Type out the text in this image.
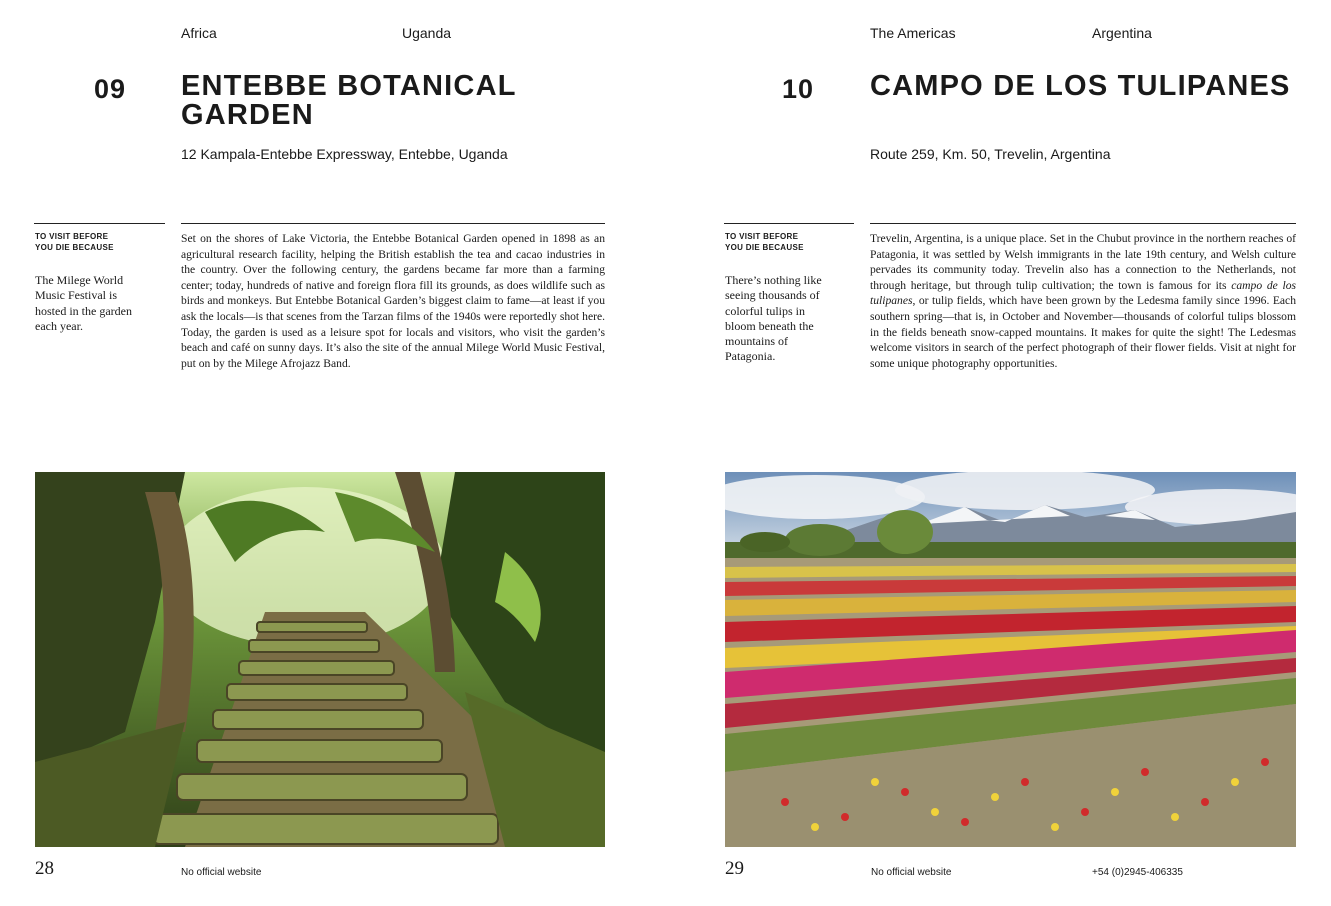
Africa	Uganda
09 ENTEBBE BOTANICAL GARDEN
12 Kampala-Entebbe Expressway, Entebbe, Uganda
TO VISIT BEFORE YOU DIE BECAUSE
The Milege World Music Festival is hosted in the garden each year.
Set on the shores of Lake Victoria, the Entebbe Botanical Garden opened in 1898 as an agricultural research facility, helping the British establish the tea and cacao industries in the country. Over the following century, the gardens became far more than a farming center; today, hundreds of native and foreign flora fill its grounds, as does wildlife such as birds and monkeys. But Entebbe Botanical Garden’s biggest claim to fame—at least if you ask the locals—is that scenes from the Tarzan films of the 1940s were reportedly shot here. Today, the garden is used as a leisure spot for locals and visitors, who visit the garden’s beach and café on sunny days. It’s also the site of the annual Milege World Music Festival, put on by the Milege Afrojazz Band.
28	No official website
The Americas	Argentina
10 CAMPO DE LOS TULIPANES
Route 259, Km. 50, Trevelin, Argentina
TO VISIT BEFORE YOU DIE BECAUSE
There’s nothing like seeing thousands of colorful tulips in bloom beneath the mountains of Patagonia.
Trevelin, Argentina, is a unique place. Set in the Chubut province in the northern reaches of Patagonia, it was settled by Welsh immigrants in the late 19th century, and Welsh culture pervades its community today. Trevelin also has a connection to the Netherlands, not through heritage, but through tulip cultivation; the town is famous for its campo de los tulipanes, or tulip fields, which have been grown by the Ledesma family since 1996. Each southern spring—that is, in October and November—thousands of colorful tulips blossom in the fields beneath snow-capped mountains. It makes for quite the sight! The Ledesmas welcome visitors in search of the perfect photograph of their flower fields. Visit at night for some unique photography opportunities.
29	No official website	+54 (0)2945-406335
